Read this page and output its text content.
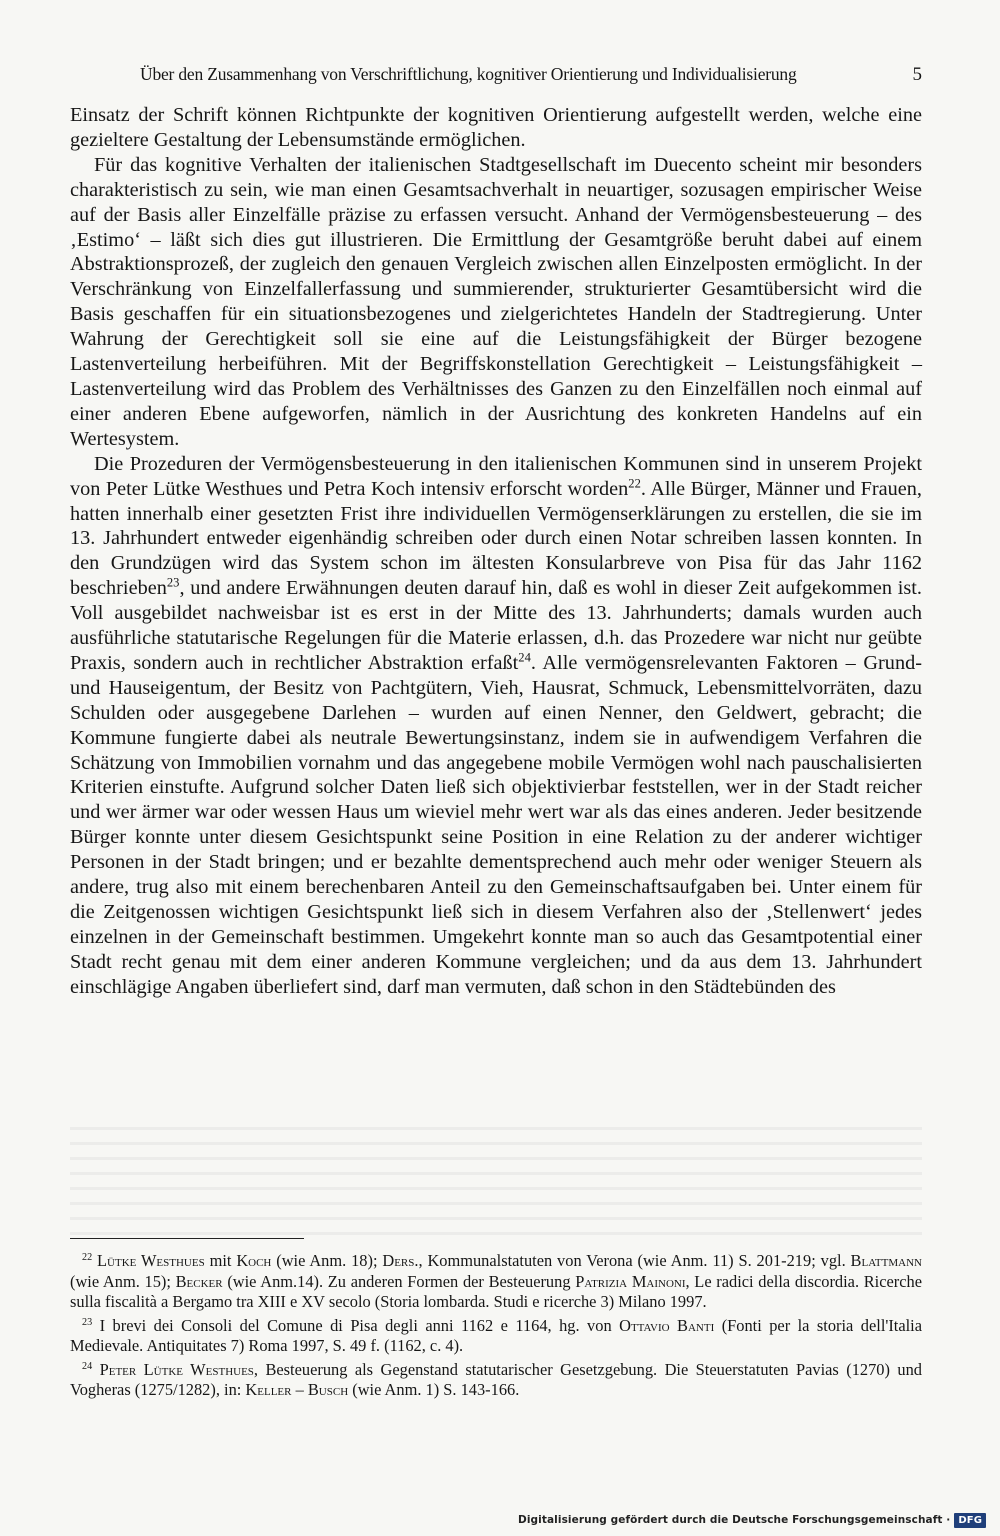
Über den Zusammenhang von Verschriftlichung, kognitiver Orientierung und Individualisierung	5

Einsatz der Schrift können Richtpunkte der kognitiven Orientierung aufgestellt werden, welche eine gezieltere Gestaltung der Lebensumstände ermöglichen.

Für das kognitive Verhalten der italienischen Stadtgesellschaft im Duecento scheint mir besonders charakteristisch zu sein, wie man einen Gesamtsachverhalt in neuartiger, sozusagen empirischer Weise auf der Basis aller Einzelfälle präzise zu erfassen versucht. Anhand der Vermögensbesteuerung – des ‚Estimo‘ – läßt sich dies gut illustrieren. Die Ermittlung der Gesamtgröße beruht dabei auf einem Abstraktionsprozeß, der zugleich den genauen Vergleich zwischen allen Einzelposten ermöglicht. In der Verschränkung von Einzelfallerfassung und summierender, strukturierter Gesamtübersicht wird die Basis geschaffen für ein situationsbezogenes und zielgerichtetes Handeln der Stadtregierung. Unter Wahrung der Gerechtigkeit soll sie eine auf die Leistungsfähigkeit der Bürger bezogene Lastenverteilung herbeiführen. Mit der Begriffskonstellation Gerechtigkeit – Leistungsfähigkeit – Lastenverteilung wird das Problem des Verhältnisses des Ganzen zu den Einzelfällen noch einmal auf einer anderen Ebene aufgeworfen, nämlich in der Ausrichtung des konkreten Handelns auf ein Wertesystem.

Die Prozeduren der Vermögensbesteuerung in den italienischen Kommunen sind in unserem Projekt von Peter Lütke Westhues und Petra Koch intensiv erforscht worden$^{22}$. Alle Bürger, Männer und Frauen, hatten innerhalb einer gesetzten Frist ihre individuellen Vermögenserklärungen zu erstellen, die sie im 13. Jahrhundert entweder eigenhändig schreiben oder durch einen Notar schreiben lassen konnten. In den Grundzügen wird das System schon im ältesten Konsularbreve von Pisa für das Jahr 1162 beschrieben$^{23}$, und andere Erwähnungen deuten darauf hin, daß es wohl in dieser Zeit aufgekommen ist. Voll ausgebildet nachweisbar ist es erst in der Mitte des 13. Jahrhunderts; damals wurden auch ausführliche statutarische Regelungen für die Materie erlassen, d.h. das Prozedere war nicht nur geübte Praxis, sondern auch in rechtlicher Abstraktion erfaßt$^{24}$. Alle vermögensrelevanten Faktoren – Grund- und Hauseigentum, der Besitz von Pachtgütern, Vieh, Hausrat, Schmuck, Lebensmittelvorräten, dazu Schulden oder ausgegebene Darlehen – wurden auf einen Nenner, den Geldwert, gebracht; die Kommune fungierte dabei als neutrale Bewertungsinstanz, indem sie in aufwendigem Verfahren die Schätzung von Immobilien vornahm und das angegebene mobile Vermögen wohl nach pauschalisierten Kriterien einstufte. Aufgrund solcher Daten ließ sich objektivierbar feststellen, wer in der Stadt reicher und wer ärmer war oder wessen Haus um wieviel mehr wert war als das eines anderen. Jeder besitzende Bürger konnte unter diesem Gesichtspunkt seine Position in eine Relation zu der anderer wichtiger Personen in der Stadt bringen; und er bezahlte dementsprechend auch mehr oder weniger Steuern als andere, trug also mit einem berechenbaren Anteil zu den Gemeinschaftsaufgaben bei. Unter einem für die Zeitgenossen wichtigen Gesichtspunkt ließ sich in diesem Verfahren also der ‚Stellenwert‘ jedes einzelnen in der Gemeinschaft bestimmen. Umgekehrt konnte man so auch das Gesamtpotential einer Stadt recht genau mit dem einer anderen Kommune vergleichen; und da aus dem 13. Jahrhundert einschlägige Angaben überliefert sind, darf man vermuten, daß schon in den Städtebünden des

$^{22}$ Lütke Westhues mit Koch (wie Anm. 18); Ders., Kommunalstatuten von Verona (wie Anm. 11) S. 201-219; vgl. Blattmann (wie Anm. 15); Becker (wie Anm.14). Zu anderen Formen der Besteuerung Patrizia Mainoni, Le radici della discordia. Ricerche sulla fiscalità a Bergamo tra XIII e XV secolo (Storia lombarda. Studi e ricerche 3) Milano 1997.

$^{23}$ I brevi dei Consoli del Comune di Pisa degli anni 1162 e 1164, hg. von Ottavio Banti (Fonti per la storia dell'Italia Medievale. Antiquitates 7) Roma 1997, S. 49 f. (1162, c. 4).

$^{24}$ Peter Lütke Westhues, Besteuerung als Gegenstand statutarischer Gesetzgebung. Die Steuerstatuten Pavias (1270) und Vogheras (1275/1282), in: Keller – Busch (wie Anm. 1) S. 143-166.

Digitalisierung gefördert durch die Deutsche Forschungsgemeinschaft · DFG
